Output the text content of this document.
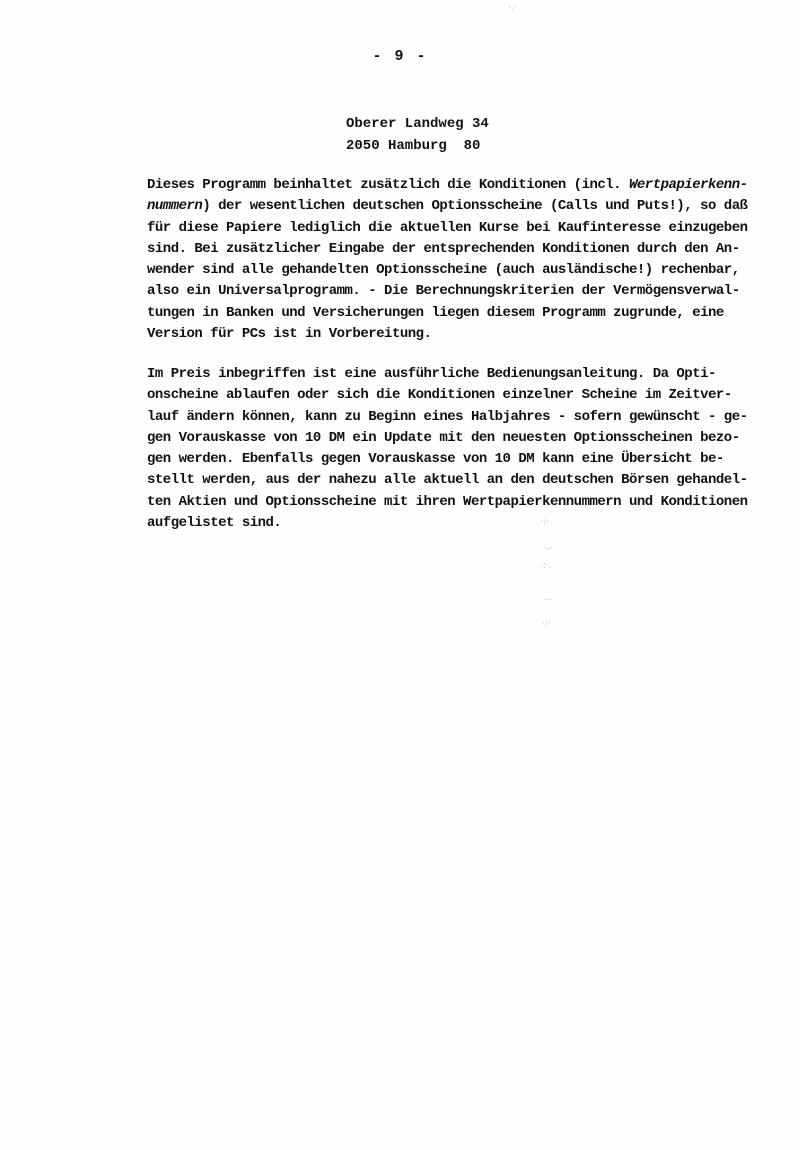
- 9 -
Oberer Landweg 34
2050 Hamburg  80
Dieses Programm beinhaltet zusätzlich die Konditionen (incl. Wertpapierkenn-
nummern) der wesentlichen deutschen Optionsscheine (Calls und Puts!), so daß
für diese Papiere lediglich die aktuellen Kurse bei Kaufinteresse einzugeben
sind. Bei zusätzlicher Eingabe der entsprechenden Konditionen durch den An-
wender sind alle gehandelten Optionsscheine (auch ausländische!) rechenbar,
also ein Universalprogramm. - Die Berechnungskriterien der Vermögensverwal-
tungen in Banken und Versicherungen liegen diesem Programm zugrunde, eine
Version für PCs ist in Vorbereitung.
Im Preis inbegriffen ist eine ausführliche Bedienungsanleitung. Da Opti-
onscheine ablaufen oder sich die Konditionen einzelner Scheine im Zeitver-
lauf ändern können, kann zu Beginn eines Halbjahres - sofern gewünscht - ge-
gen Vorauskasse von 10 DM ein Update mit den neuesten Optionsscheinen bezo-
gen werden. Ebenfalls gegen Vorauskasse von 10 DM kann eine Übersicht be-
stellt werden, aus der nahezu alle aktuell an den deutschen Börsen gehandel-
ten Aktien und Optionsscheine mit ihren Wertpapierkennummern und Konditionen
aufgelistet sind.	·:·
·-·
·:·.
·-·
·:·
·.·
